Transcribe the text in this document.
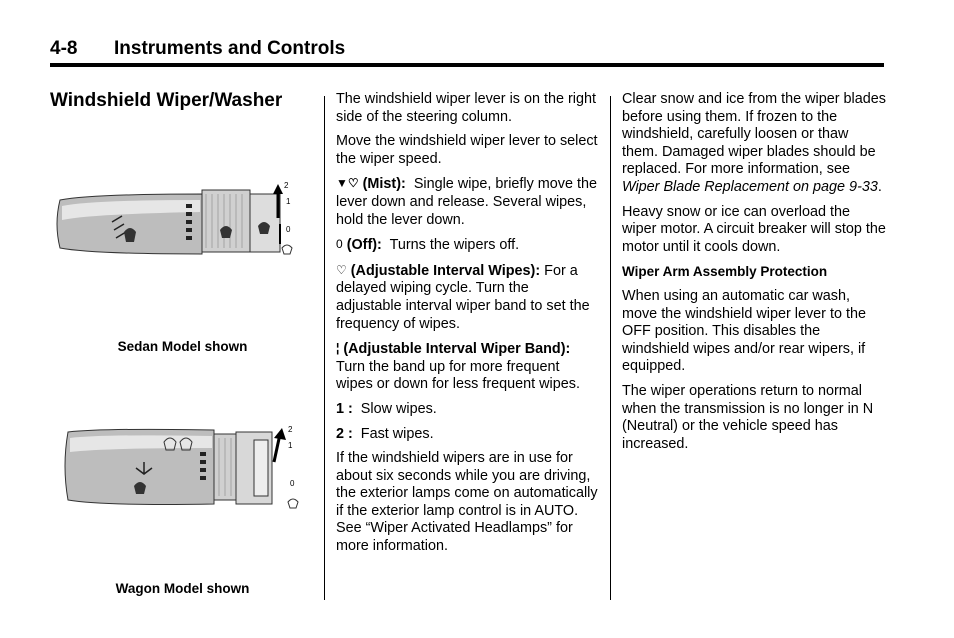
4-8 Instruments and Controls
Windshield Wiper/Washer
2
1
0
Sedan Model shown
2
1
0
Wagon Model shown

The windshield wiper lever is on the right side of the steering column.

Move the windshield wiper lever to select the wiper speed.

▼♡ (Mist): Single wipe, briefly move the lever down and release. Several wipes, hold the lever down.

0 (Off): Turns the wipers off.

♡ (Adjustable Interval Wipes): For a delayed wiping cycle. Turn the adjustable interval wiper band to set the frequency of wipes.

¦ (Adjustable Interval Wiper Band):  Turn the band up for more frequent wipes or down for less frequent wipes.

1 : Slow wipes.

2 : Fast wipes.

If the windshield wipers are in use for about six seconds while you are driving, the exterior lamps come on automatically if the exterior lamp control is in AUTO. See “Wiper Activated Headlamps” for more information.

Clear snow and ice from the wiper blades before using them. If frozen to the windshield, carefully loosen or thaw them. Damaged wiper blades should be replaced. For more information, see Wiper Blade Replacement on page 9-33.

Heavy snow or ice can overload the wiper motor. A circuit breaker will stop the motor until it cools down.

Wiper Arm Assembly Protection

When using an automatic car wash, move the windshield wiper lever to the OFF position. This disables the windshield wipes and/or rear wipers, if equipped.

The wiper operations return to normal when the transmission is no longer in N (Neutral) or the vehicle speed has increased.
